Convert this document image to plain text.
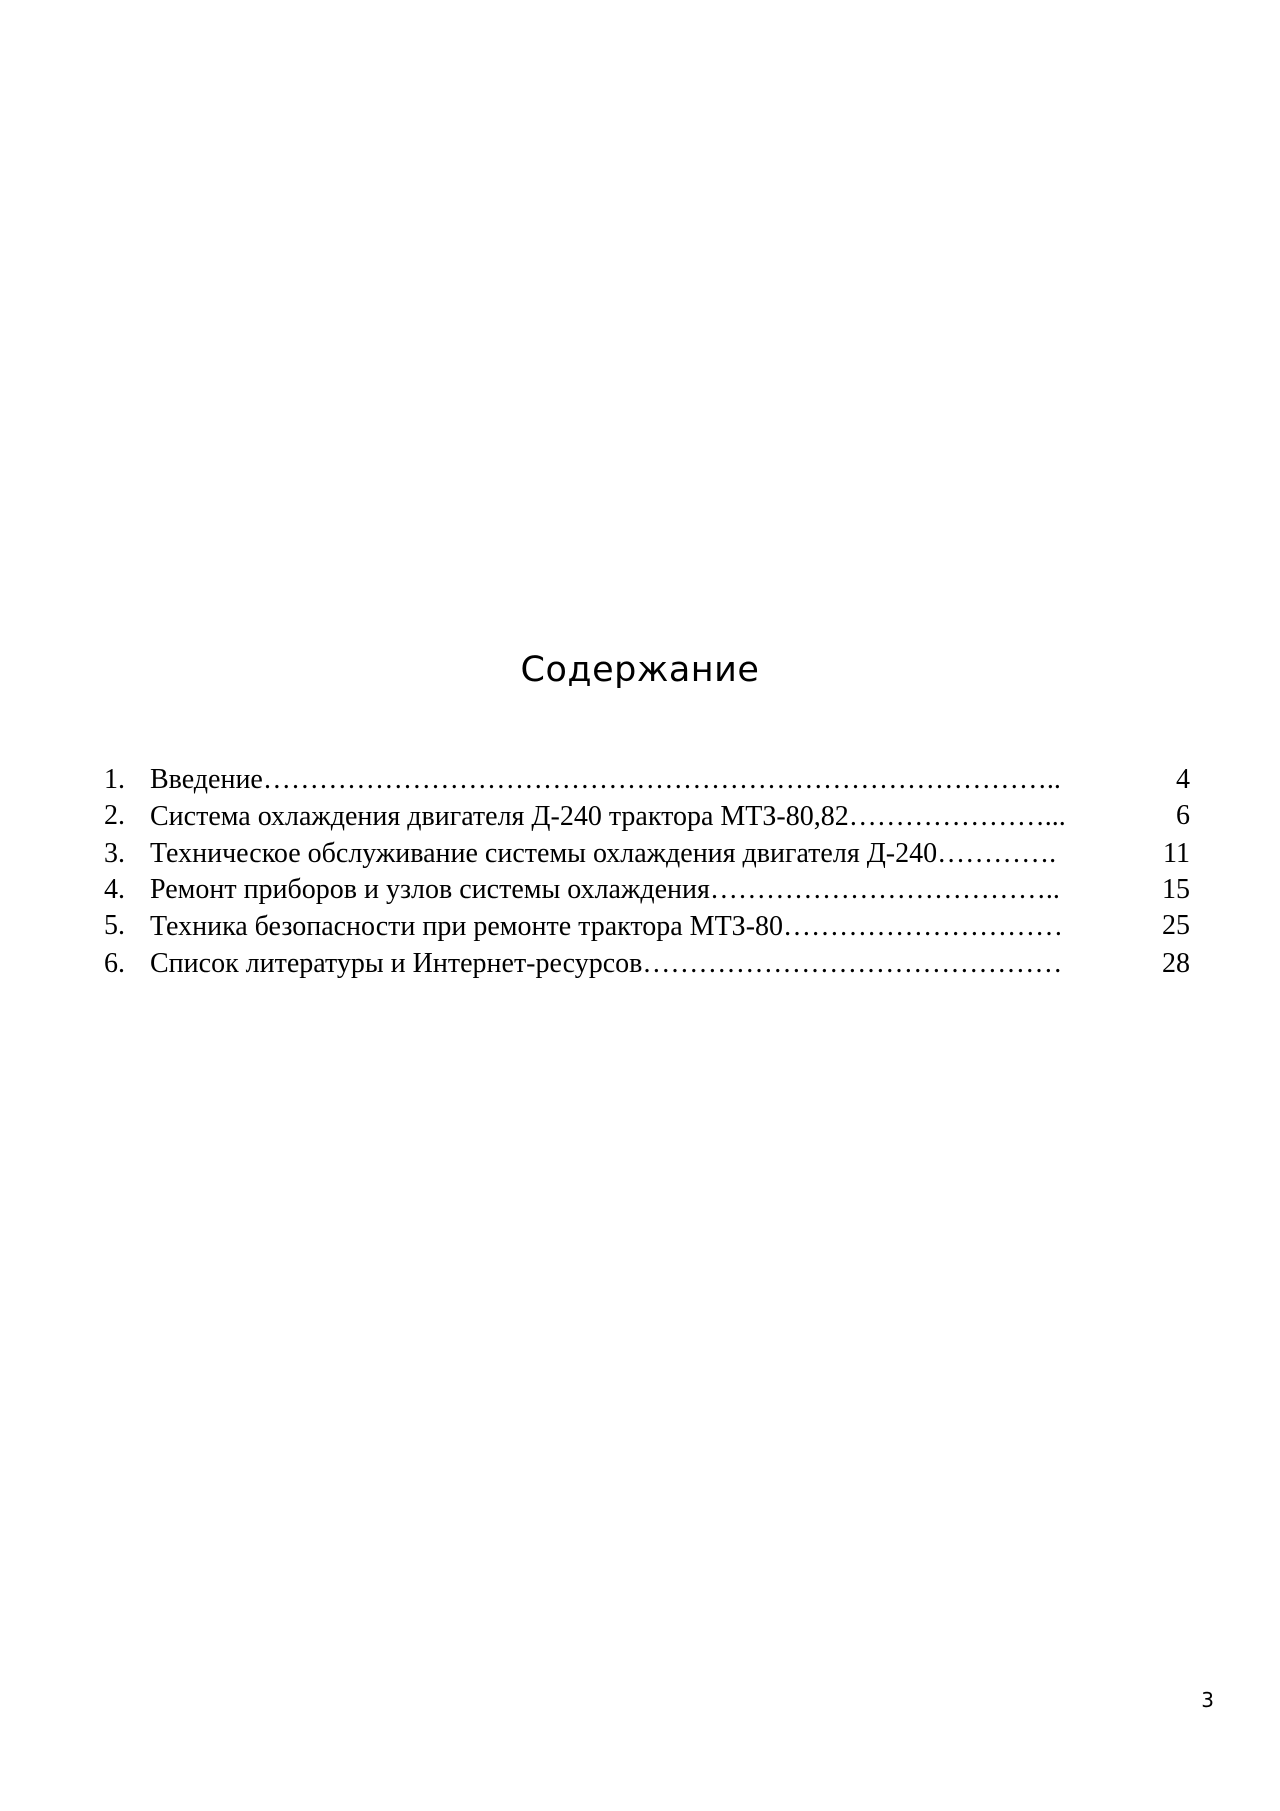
Содержание
1. Введение…………………………………………………………………………..	4
2. Система охлаждения двигателя Д-240 трактора МТЗ-80,82…………………...	6
3. Техническое обслуживание системы охлаждения двигателя Д-240………….	11
4. Ремонт приборов и узлов системы охлаждения………………………………..	15
5. Техника безопасности при ремонте трактора МТЗ-80…………………………	25
6. Список литературы и Интернет-ресурсов………………………………………	28
3
